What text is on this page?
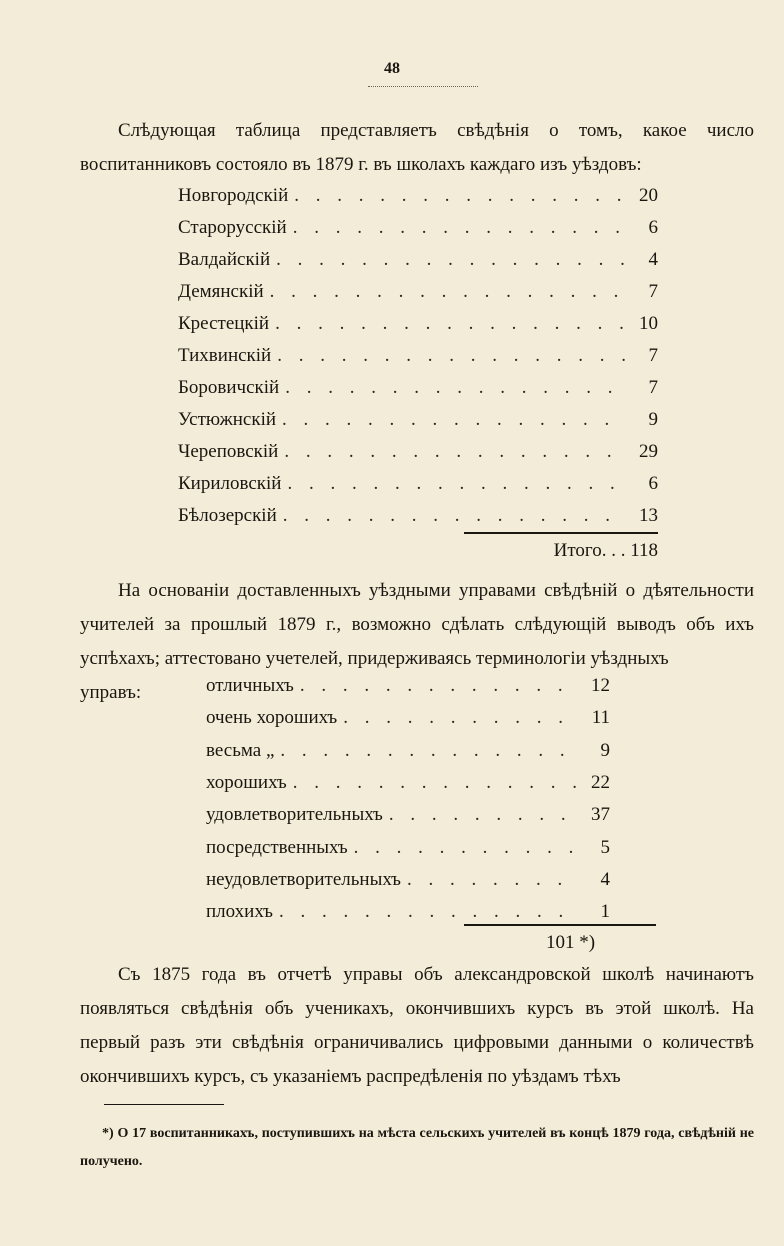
48
Слѣдующая таблица представляетъ свѣдѣнія о томъ, какое число воспитанниковъ состояло въ 1879 г. въ школахъ каждаго изъ уѣздовъ:
Новгородскій . . .	20
Старорусскій . . .	6
Валдайскій . . .	4
Демянскій . . .	7
Крестецкій . . .	10
Тихвинскій . . .	7
Боровичскій . . .	7
Устюжнскій . . .	9
Череповскій . . .	29
Кириловскій . . .	6
Бѣлозерскій . . .	13
Итого. . . 118
На основаніи доставленныхъ уѣздными управами свѣдѣній о дѣятельности учителей за прошлый 1879 г., возможно сдѣлать слѣдующій выводъ объ ихъ успѣхахъ; аттестовано учетелей, придерживаясь терминологіи уѣздныхъ
управъ:	отличныхъ . . .	12
очень хорошихъ . . .	11
весьма „ . . .	9
хорошихъ . . .	22
удовлетворительныхъ . . .	37
посредственныхъ . . .	5
неудовлетворительныхъ . . .	4
плохихъ . . .	1
101 *)
Съ 1875 года въ отчетѣ управы объ александровской школѣ начинаютъ появляться свѣдѣнія объ ученикахъ, окончившихъ курсъ въ этой школѣ. На первый разъ эти свѣдѣнія ограничивались цифровыми данными о количествѣ окончившихъ курсъ, съ указаніемъ распредѣленія по уѣздамъ тѣхъ
*) О 17 воспитанникахъ, поступившихъ на мѣста сельскихъ учителей въ концѣ 1879 года, свѣдѣній не получено.
